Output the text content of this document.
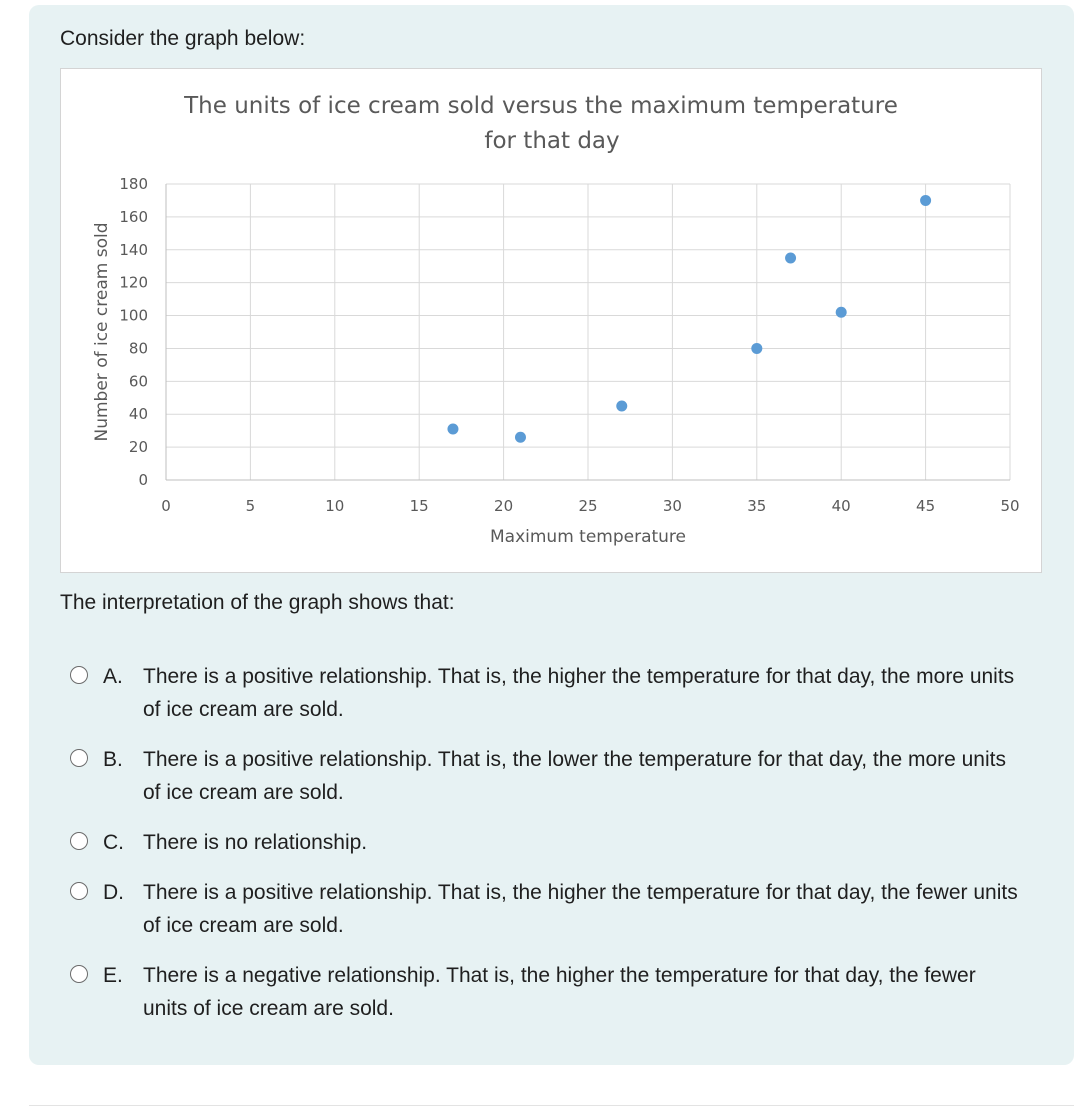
Consider the graph below:
The units of ice cream sold versus the maximum temperature
for that day
0
20
40
60
80
100
120
140
160
180
0	5	10	15	20	25	30	35	40	45	50
Maximum temperature
Number of ice cream sold
The interpretation of the graph shows that:
A. There is a positive relationship. That is, the higher the temperature for that day, the more units of ice cream are sold.
B. There is a positive relationship. That is, the lower the temperature for that day, the more units of ice cream are sold.
C. There is no relationship.
D. There is a positive relationship. That is, the higher the temperature for that day, the fewer units of ice cream are sold.
E. There is a negative relationship. That is, the higher the temperature for that day, the fewer units of ice cream are sold.
